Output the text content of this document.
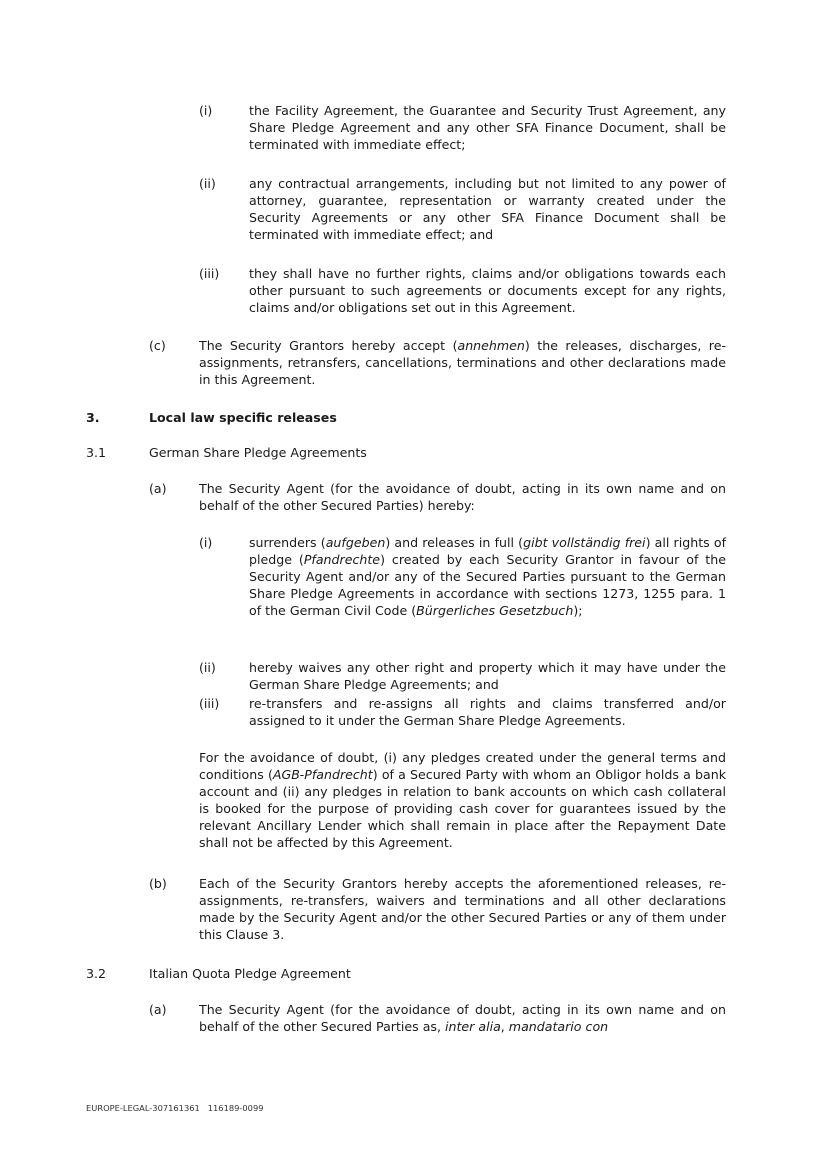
(i)	the Facility Agreement, the Guarantee and Security Trust Agreement, any Share Pledge Agreement and any other SFA Finance Document, shall be terminated with immediate effect;

(ii)	any contractual arrangements, including but not limited to any power of attorney, guarantee, representation or warranty created under the Security Agreements or any other SFA Finance Document shall be terminated with immediate effect; and

(iii) they shall have no further rights, claims and/or obligations towards each other pursuant to such agreements or documents except for any rights, claims and/or obligations set out in this Agreement.

(c)	The Security Grantors hereby accept (annehmen) the releases, discharges, re-assignments, retransfers, cancellations, terminations and other declarations made in this Agreement.

3.	Local law specific releases

3.1	German Share Pledge Agreements

(a)	The Security Agent (for the avoidance of doubt, acting in its own name and on behalf of the other Secured Parties) hereby:

(i)	surrenders (aufgeben) and releases in full (gibt vollständig frei) all rights of pledge (Pfandrechte) created by each Security Grantor in favour of the Security Agent and/or any of the Secured Parties pursuant to the German Share Pledge Agreements in accordance with sections 1273, 1255 para. 1 of the German Civil Code (Bürgerliches Gesetzbuch);

(ii)	hereby waives any other right and property which it may have under the German Share Pledge Agreements; and

(iii) re-transfers and re-assigns all rights and claims transferred and/or assigned to it under the German Share Pledge Agreements.

For the avoidance of doubt, (i) any pledges created under the general terms and conditions (AGB-Pfandrecht) of a Secured Party with whom an Obligor holds a bank account and (ii) any pledges in relation to bank accounts on which cash collateral is booked for the purpose of providing cash cover for guarantees issued by the relevant Ancillary Lender which shall remain in place after the Repayment Date shall not be affected by this Agreement.

(b)	Each of the Security Grantors hereby accepts the aforementioned releases, re-assignments, re-transfers, waivers and terminations and all other declarations made by the Security Agent and/or the other Secured Parties or any of them under this Clause 3.

3.2	Italian Quota Pledge Agreement

(a)	The Security Agent (for the avoidance of doubt, acting in its own name and on behalf of the other Secured Parties as, inter alia, mandatario con

EUROPE-LEGAL-307161361 116189-0099
